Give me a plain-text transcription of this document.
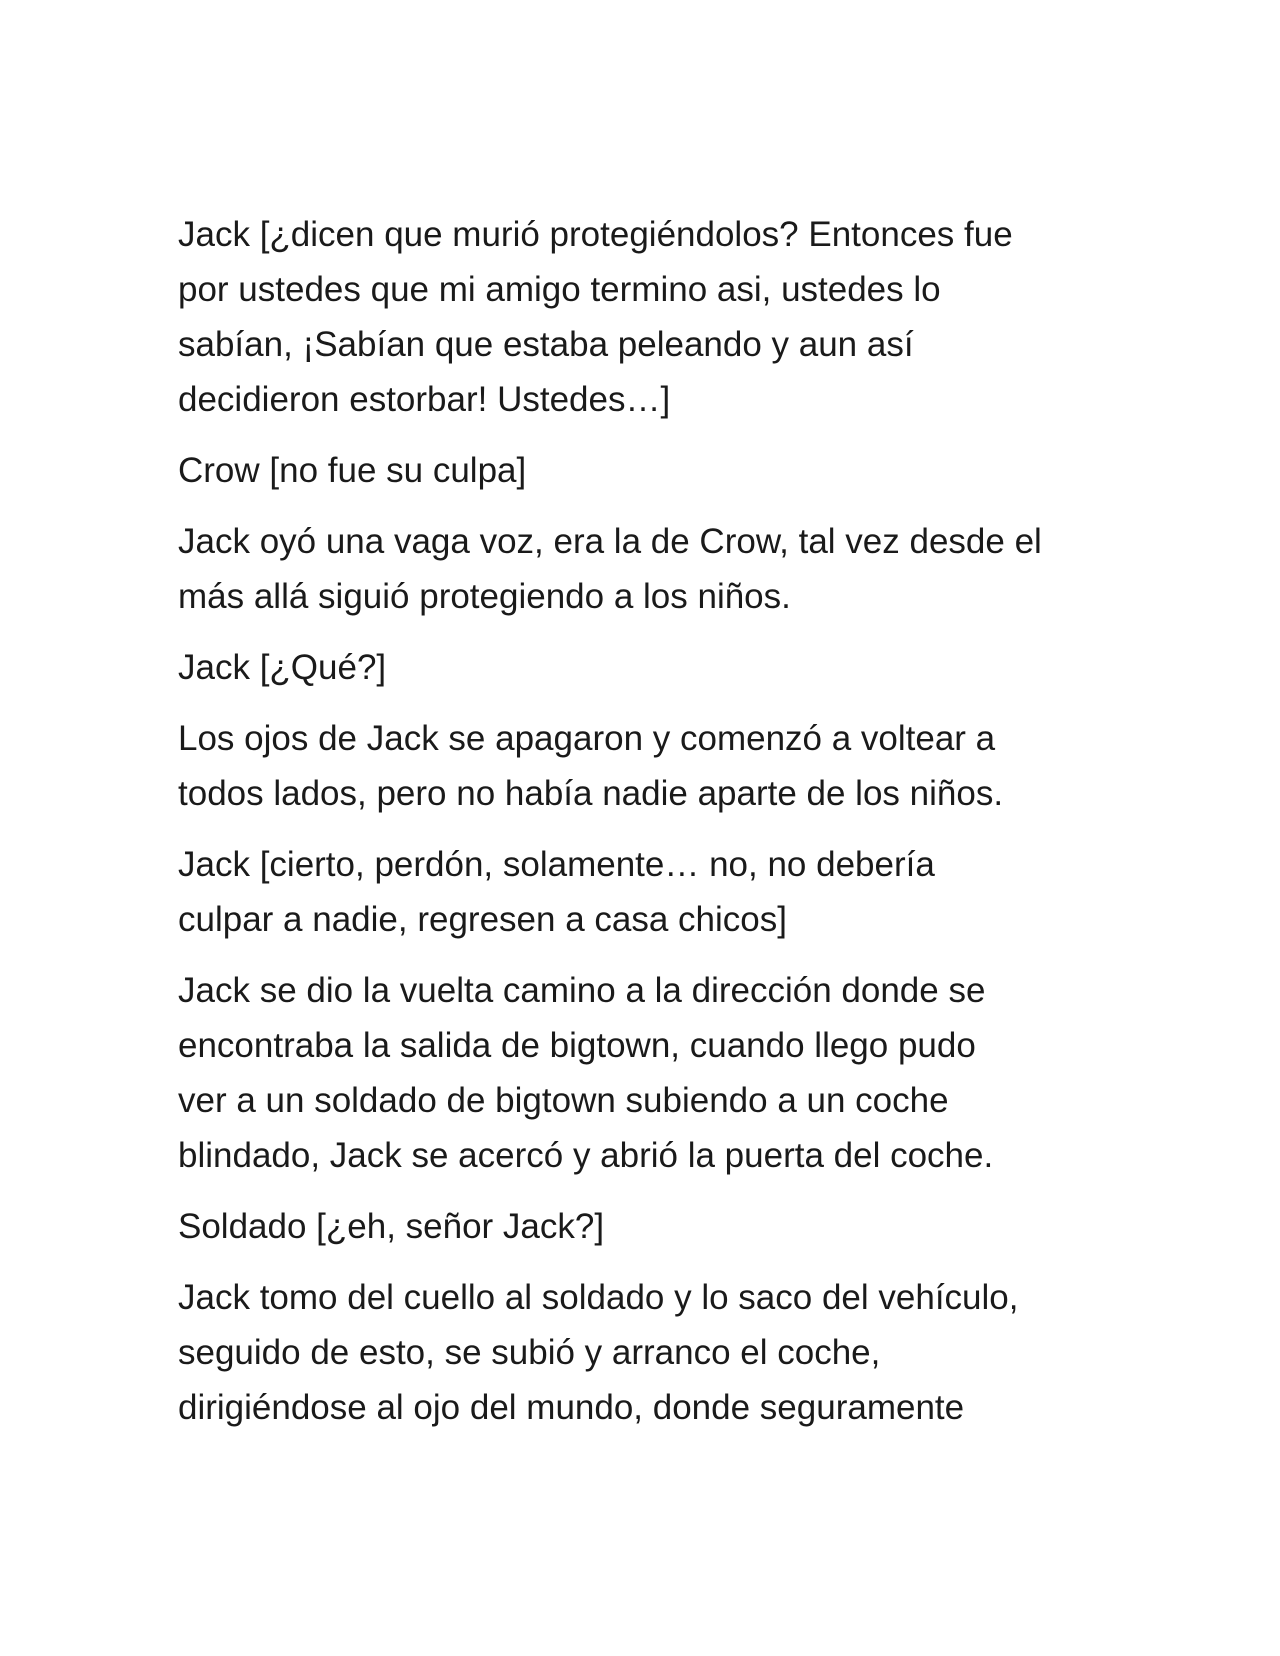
Jack [¿dicen que murió protegiéndolos? Entonces fue
por ustedes que mi amigo termino asi, ustedes lo
sabían, ¡Sabían que estaba peleando y aun así
decidieron estorbar! Ustedes…]

Crow [no fue su culpa]

Jack oyó una vaga voz, era la de Crow, tal vez desde el
más allá siguió protegiendo a los niños.

Jack [¿Qué?]

Los ojos de Jack se apagaron y comenzó a voltear a
todos lados, pero no había nadie aparte de los niños.

Jack [cierto, perdón, solamente… no, no debería
culpar a nadie, regresen a casa chicos]

Jack se dio la vuelta camino a la dirección donde se
encontraba la salida de bigtown, cuando llego pudo
ver a un soldado de bigtown subiendo a un coche
blindado, Jack se acercó y abrió la puerta del coche.

Soldado [¿eh, señor Jack?]

Jack tomo del cuello al soldado y lo saco del vehículo,
seguido de esto, se subió y arranco el coche,
dirigiéndose al ojo del mundo, donde seguramente
